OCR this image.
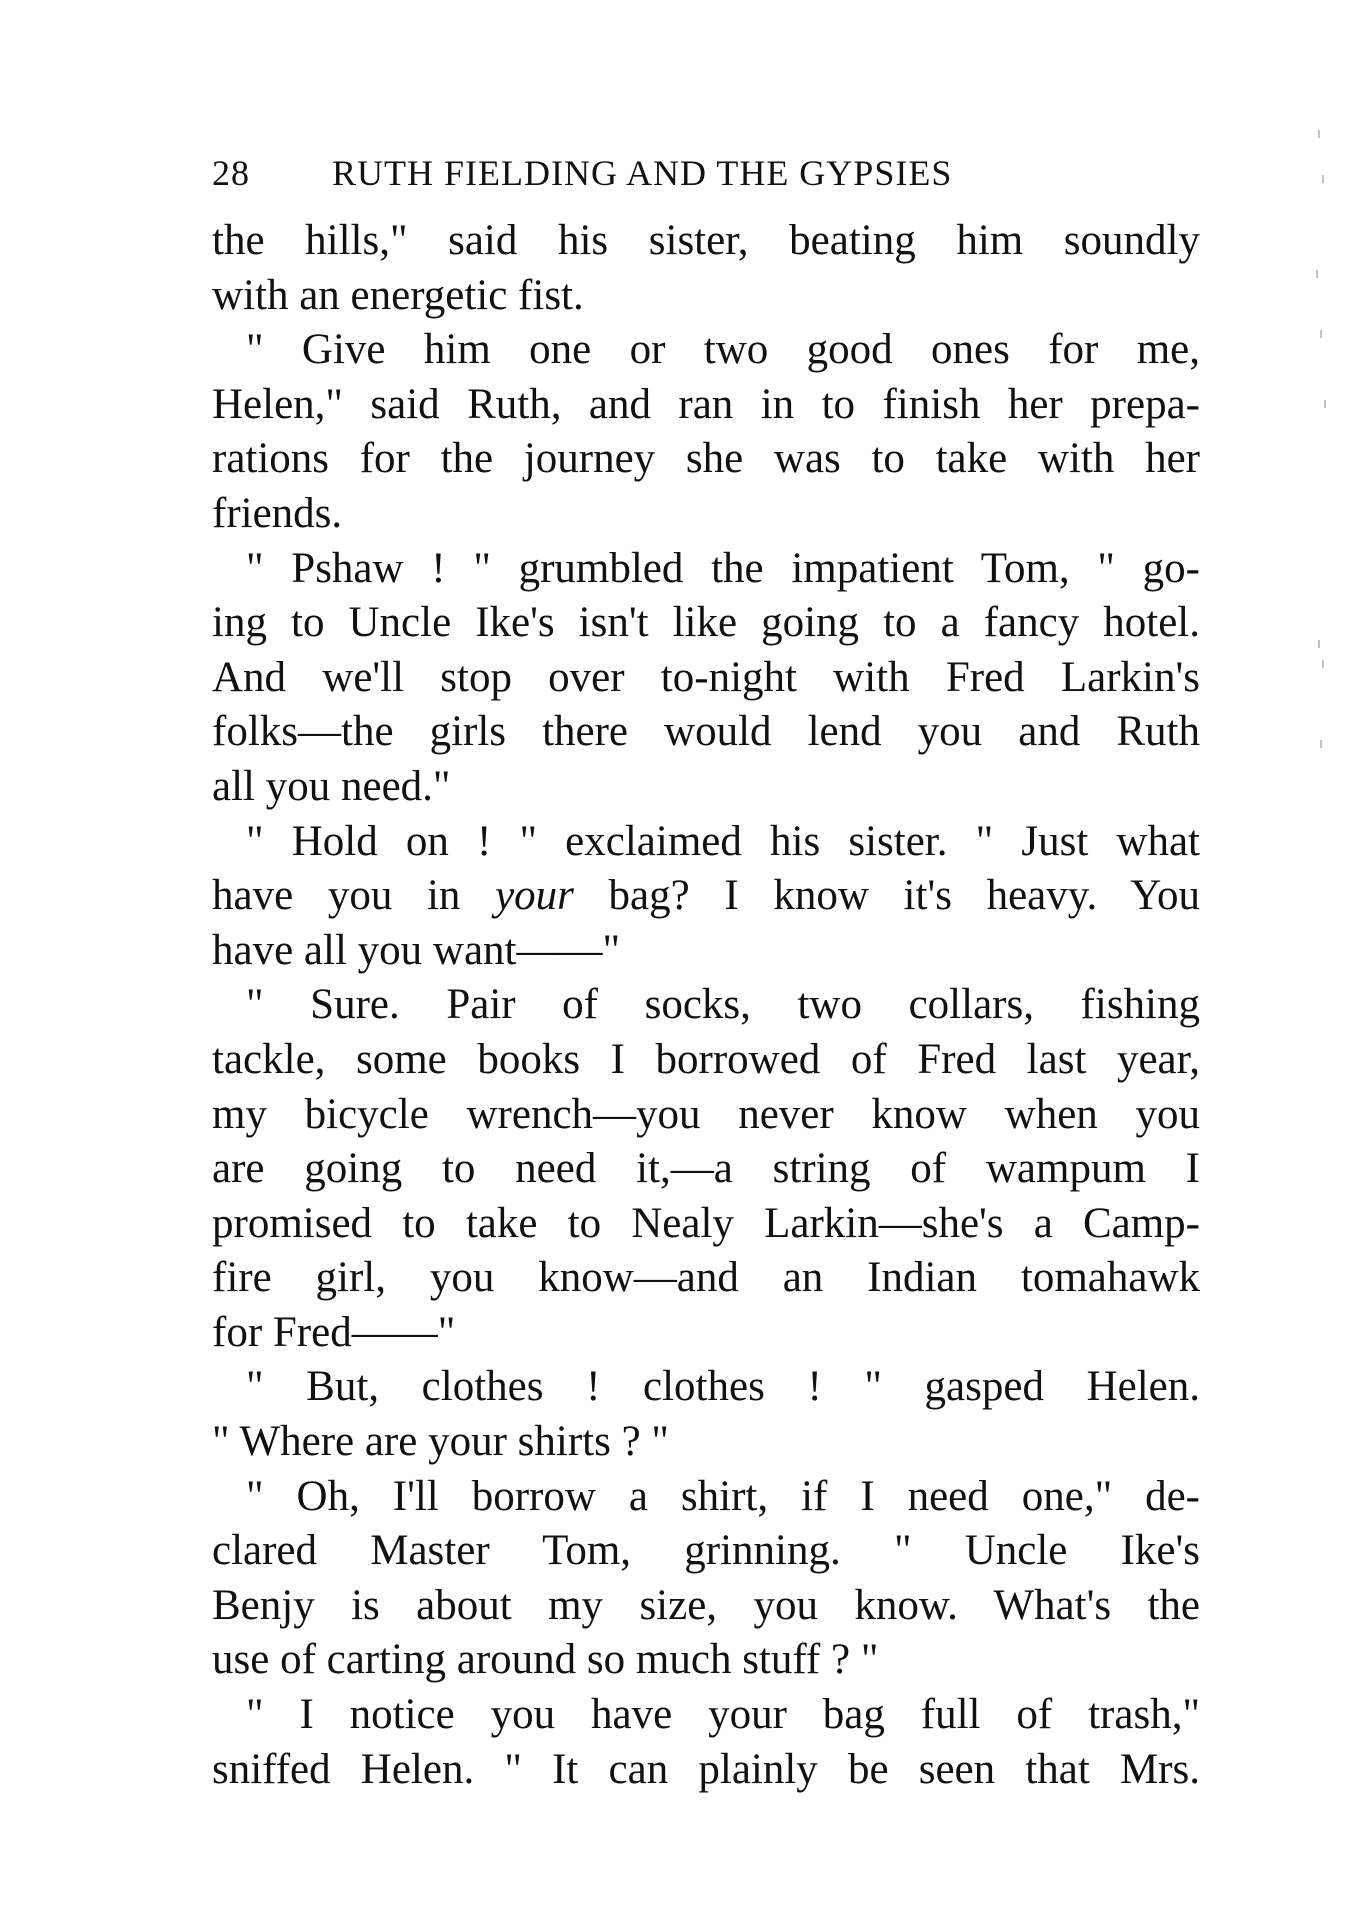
28 RUTH FIELDING AND THE GYPSIES
the hills," said his sister, beating him soundly
with an energetic fist.
" Give him one or two good ones for me,
Helen," said Ruth, and ran in to finish her prepa-
rations for the journey she was to take with her
friends.
" Pshaw ! " grumbled the impatient Tom, " go-
ing to Uncle Ike's isn't like going to a fancy hotel.
And we'll stop over to-night with Fred Larkin's
folks—the girls there would lend you and Ruth
all you need."
" Hold on ! " exclaimed his sister. " Just what
have you in your bag? I know it's heavy. You
have all you want——"
" Sure. Pair of socks, two collars, fishing
tackle, some books I borrowed of Fred last year,
my bicycle wrench—you never know when you
are going to need it,—a string of wampum I
promised to take to Nealy Larkin—she's a Camp-
fire girl, you know—and an Indian tomahawk
for Fred——"
" But, clothes ! clothes ! " gasped Helen.
" Where are your shirts ? "
" Oh, I'll borrow a shirt, if I need one," de-
clared Master Tom, grinning. " Uncle Ike's
Benjy is about my size, you know. What's the
use of carting around so much stuff ? "
" I notice you have your bag full of trash,"
sniffed Helen. " It can plainly be seen that Mrs.
